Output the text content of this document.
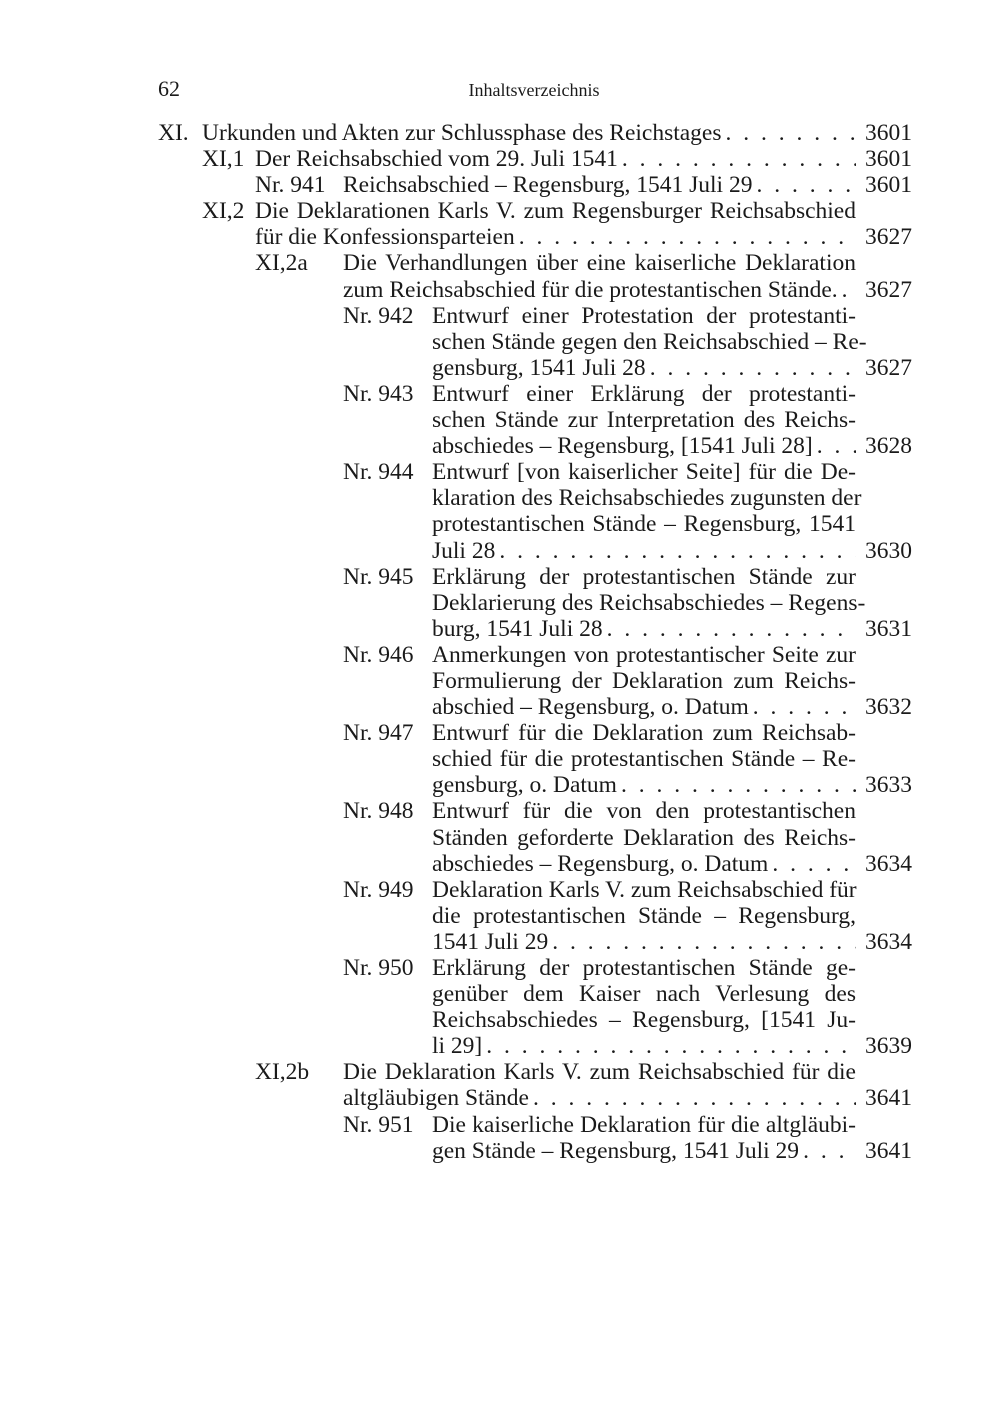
62	Inhaltsverzeichnis
XI. Urkunden und Akten zur Schlussphase des Reichstages . . .	3601
XI,1 Der Reichsabschied vom 29. Juli 1541 . . .	3601
Nr. 941 Reichsabschied – Regensburg, 1541 Juli 29 . . .	3601
XI,2 Die Deklarationen Karls V. zum Regensburger Reichsabschied
für die Konfessionsparteien . . .	3627
XI,2a Die Verhandlungen über eine kaiserliche Deklaration
zum Reichsabschied für die protestantischen Stände. . . . 3627
Nr. 942 Entwurf einer Protestation der protestanti-
schen Stände gegen den Reichsabschied – Re-
gensburg, 1541 Juli 28 . . .	3627
Nr. 943 Entwurf einer Erklärung der protestanti-
schen Stände zur Interpretation des Reichs-
abschiedes – Regensburg, [1541 Juli 28] . . . 3628
Nr. 944 Entwurf [von kaiserlicher Seite] für die De-
klaration des Reichsabschiedes zugunsten der
protestantischen Stände – Regensburg, 1541
Juli 28 . . .	3630
Nr. 945 Erklärung der protestantischen Stände zur
Deklarierung des Reichsabschiedes – Regens-
burg, 1541 Juli 28 . . .	3631
Nr. 946 Anmerkungen von protestantischer Seite zur
Formulierung der Deklaration zum Reichs-
abschied – Regensburg, o. Datum . . .	3632
Nr. 947 Entwurf für die Deklaration zum Reichsab-
schied für die protestantischen Stände – Re-
gensburg, o. Datum . . .	3633
Nr. 948 Entwurf für die von den protestantischen
Ständen geforderte Deklaration des Reichs-
abschiedes – Regensburg, o. Datum . . .	3634
Nr. 949 Deklaration Karls V. zum Reichsabschied für
die protestantischen Stände – Regensburg,
1541 Juli 29 . . .	3634
Nr. 950 Erklärung der protestantischen Stände ge-
genüber dem Kaiser nach Verlesung des
Reichsabschiedes – Regensburg, [1541 Ju-
li 29] . . .	3639
XI,2b Die Deklaration Karls V. zum Reichsabschied für die
altgläubigen Stände . . .	3641
Nr. 951 Die kaiserliche Deklaration für die altgläubi-
gen Stände – Regensburg, 1541 Juli 29 . . .	3641
